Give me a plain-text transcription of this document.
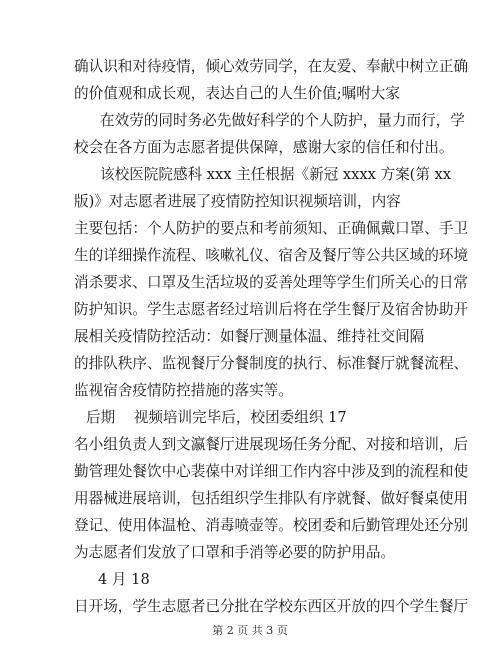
确认识和对待疫情，倾心效劳同学，在友爱、奉献中树立正确
的价值观和成长观，表达自己的人生价值;嘱咐大家
在效劳的同时务必先做好科学的个人防护，量力而行，学
校会在各方面为志愿者提供保障，感谢大家的信任和付出。
该校医院院感科 xxx 主任根据《新冠 xxxx 方案(第 xx
版)》对志愿者进展了疫情防控知识视频培训，内容
主要包括：个人防护的要点和考前须知、正确佩戴口罩、手卫
生的详细操作流程、咳嗽礼仪、宿舍及餐厅等公共区域的环境
消杀要求、口罩及生活垃圾的妥善处理等学生们所关心的日常
防护知识。学生志愿者经过培训后将在学生餐厅及宿舍协助开
展相关疫情防控活动：如餐厅测量体温、维持社交间隔
的排队秩序、监视餐厅分餐制度的执行、标准餐厅就餐流程、
监视宿舍疫情防控措施的落实等。
后期    视频培训完毕后，校团委组织 17
名小组负责人到文瀛餐厅进展现场任务分配、对接和培训，后
勤管理处餐饮中心裴葆中对详细工作内容中涉及到的流程和使
用器械进展培训，包括组织学生排队有序就餐、做好餐桌使用
登记、使用体温枪、消毒喷壶等。校团委和后勤管理处还分别
为志愿者们发放了口罩和手消等必要的防护用品。
4 月 18
日开场，学生志愿者已分批在学校东西区开放的四个学生餐厅
第 2 页 共 3 页
